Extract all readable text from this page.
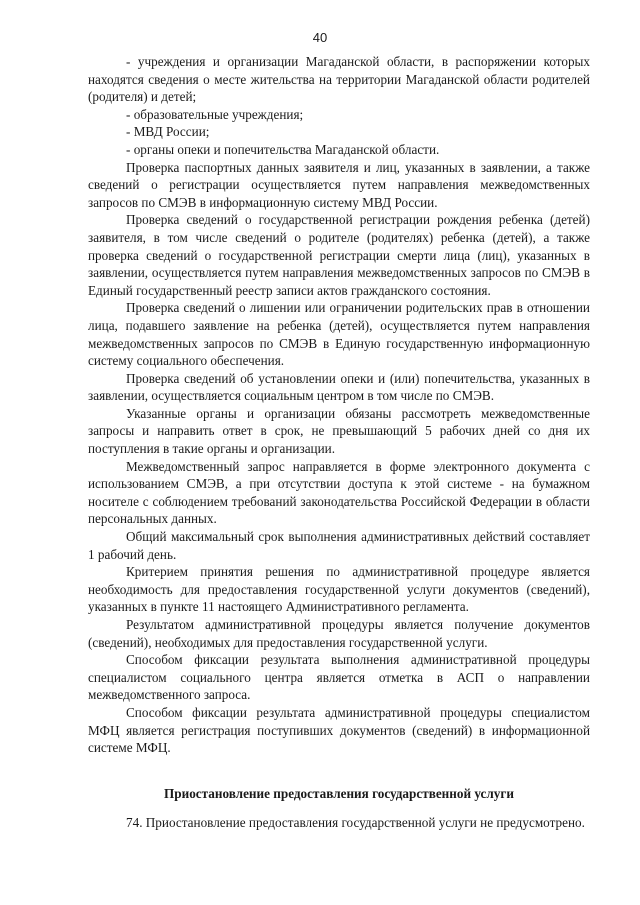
40

- учреждения и организации Магаданской области, в распоряжении которых находятся сведения о месте жительства на территории Магаданской области родителей (родителя) и детей;

- образовательные учреждения;

- МВД России;

- органы опеки и попечительства Магаданской области.

Проверка паспортных данных заявителя и лиц, указанных в заявлении, а также сведений о регистрации осуществляется путем направления межведомственных запросов по СМЭВ в информационную систему МВД России.

Проверка сведений о государственной регистрации рождения ребенка (детей) заявителя, в том числе сведений о родителе (родителях) ребенка (детей), а также проверка сведений о государственной регистрации смерти лица (лиц), указанных в заявлении, осуществляется путем направления межведомственных запросов по СМЭВ в Единый государственный реестр записи актов гражданского состояния.

Проверка сведений о лишении или ограничении родительских прав в отношении лица, подавшего заявление на ребенка (детей), осуществляется путем направления межведомственных запросов по СМЭВ в Единую государственную информационную систему социального обеспечения.

Проверка сведений об установлении опеки и (или) попечительства, указанных в заявлении, осуществляется социальным центром в том числе по СМЭВ.

Указанные органы и организации обязаны рассмотреть межведомственные запросы и направить ответ в срок, не превышающий 5 рабочих дней со дня их поступления в такие органы и организации.

Межведомственный запрос направляется в форме электронного документа с использованием СМЭВ, а при отсутствии доступа к этой системе - на бумажном носителе с соблюдением требований законодательства Российской Федерации в области персональных данных.

Общий максимальный срок выполнения административных действий составляет 1 рабочий день.

Критерием принятия решения по административной процедуре является необходимость для предоставления государственной услуги документов (сведений), указанных в пункте 11 настоящего Административного регламента.

Результатом административной процедуры является получение документов (сведений), необходимых для предоставления государственной услуги.

Способом фиксации результата выполнения административной процедуры специалистом социального центра является отметка в АСП о направлении межведомственного запроса.

Способом фиксации результата административной процедуры специалистом МФЦ является регистрация поступивших документов (сведений) в информационной системе МФЦ.

Приостановление предоставления государственной услуги

74. Приостановление предоставления государственной услуги не предусмотрено.
